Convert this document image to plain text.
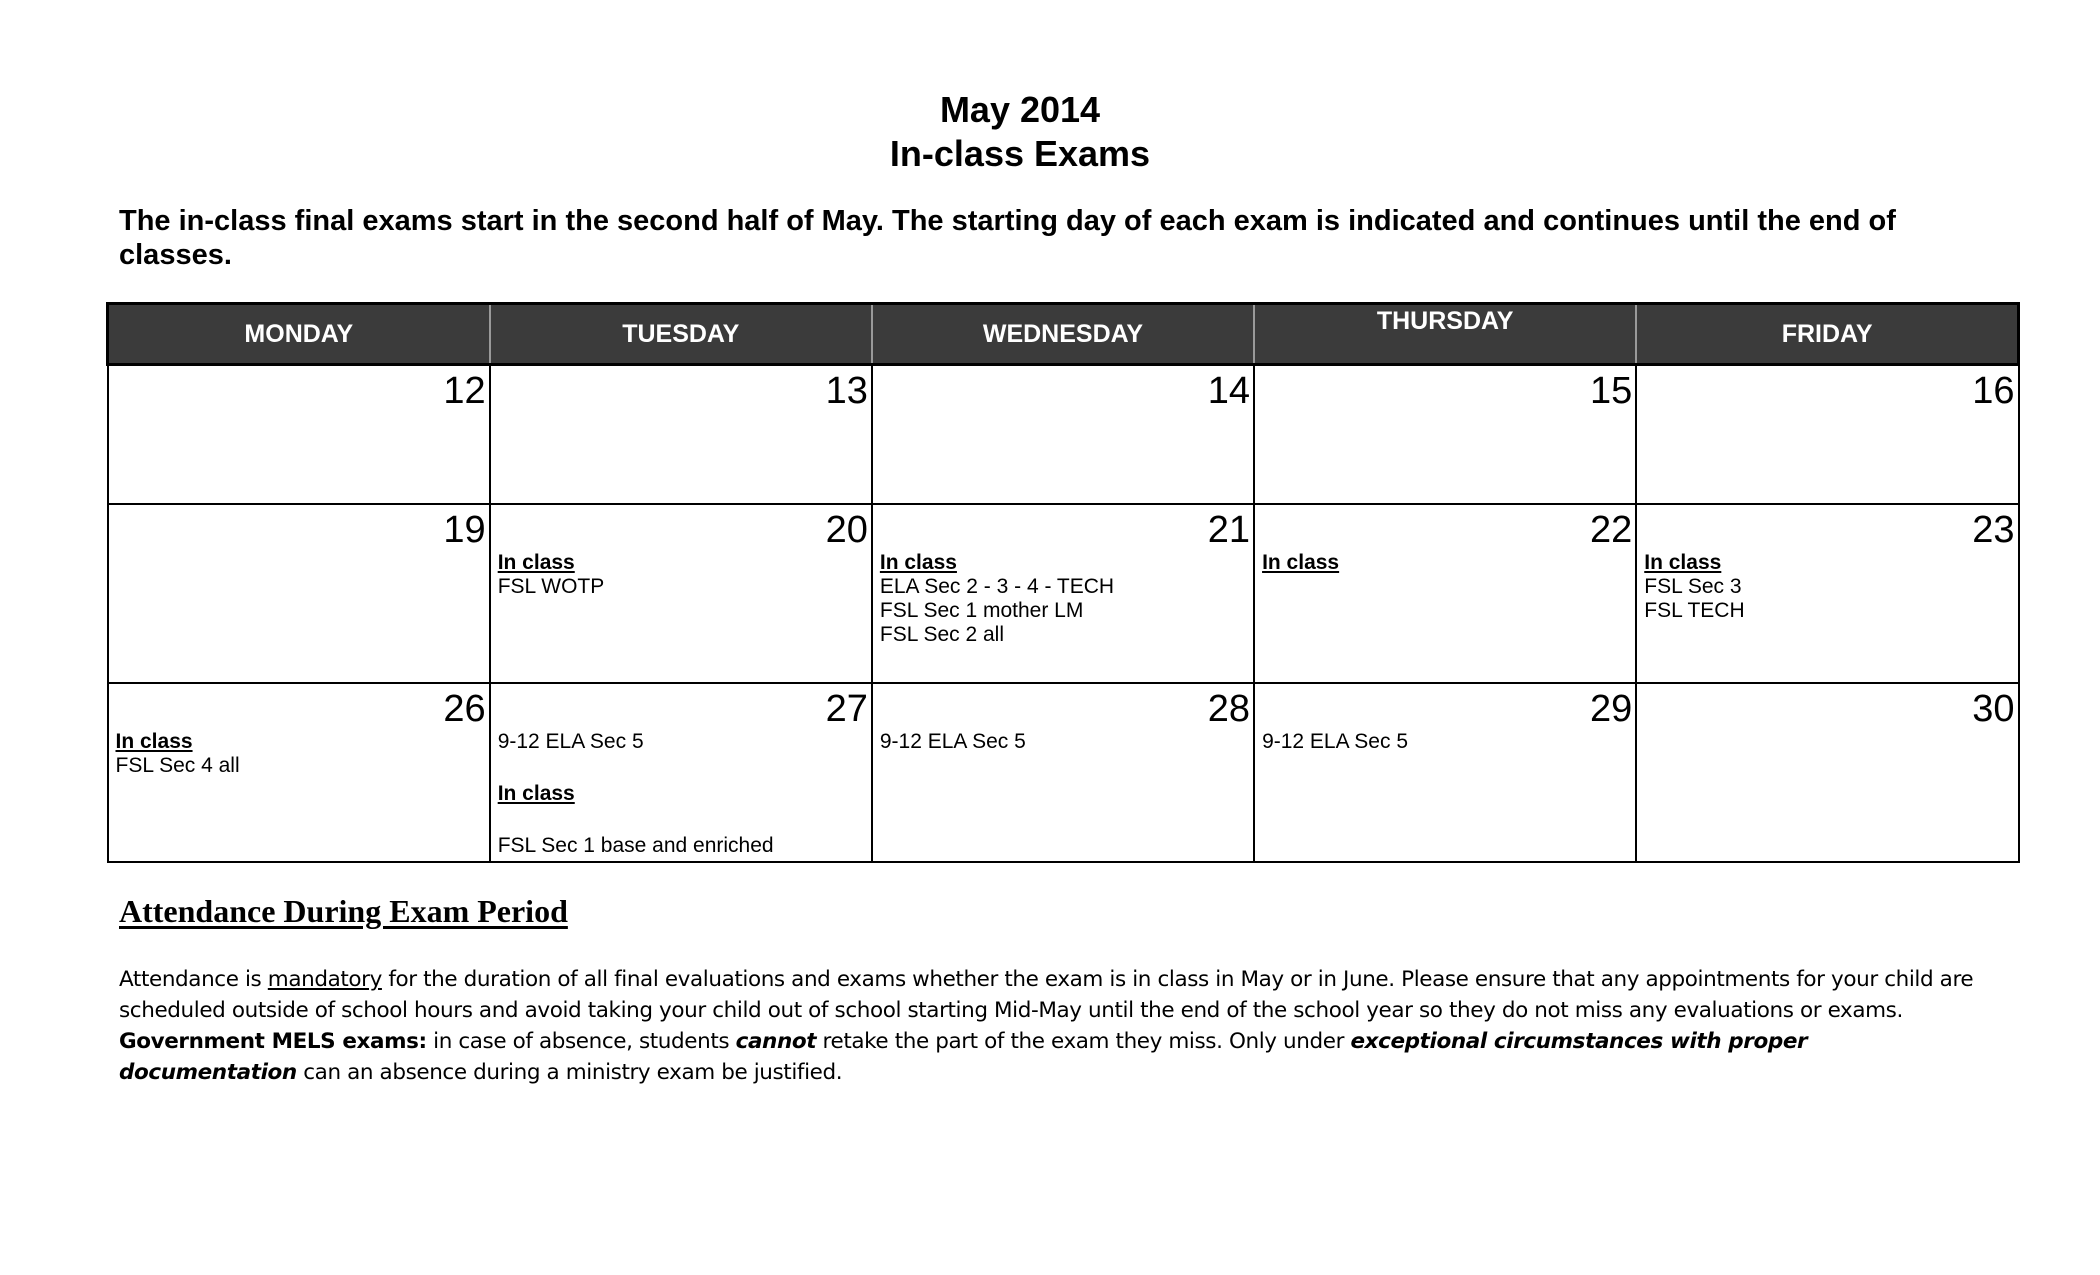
May 2014
In-class Exams
The in-class final exams start in the second half of May. The starting day of each exam is indicated and continues until the end of classes.
MONDAY	TUESDAY	WEDNESDAY	THURSDAY	FRIDAY

12	13	14	15	16

19	20
In class
FSL WOTP	21
In class
ELA Sec 2 - 3 - 4 - TECH
FSL Sec 1 mother LM
FSL Sec 2 all	22
In class	23
In class
FSL Sec 3
FSL TECH

26
In class
FSL Sec 4 all	27
9-12 ELA Sec 5
In class
FSL Sec 1 base and enriched	28
9-12 ELA Sec 5	29
9-12 ELA Sec 5	30
Attendance During Exam Period
Attendance is mandatory for the duration of all final evaluations and exams whether the exam is in class in May or in June. Please ensure that any appointments for your child are scheduled outside of school hours and avoid taking your child out of school starting Mid-May until the end of the school year so they do not miss any evaluations or exams.
Government MELS exams: in case of absence, students cannot retake the part of the exam they miss. Only under exceptional circumstances with proper documentation can an absence during a ministry exam be justified.
